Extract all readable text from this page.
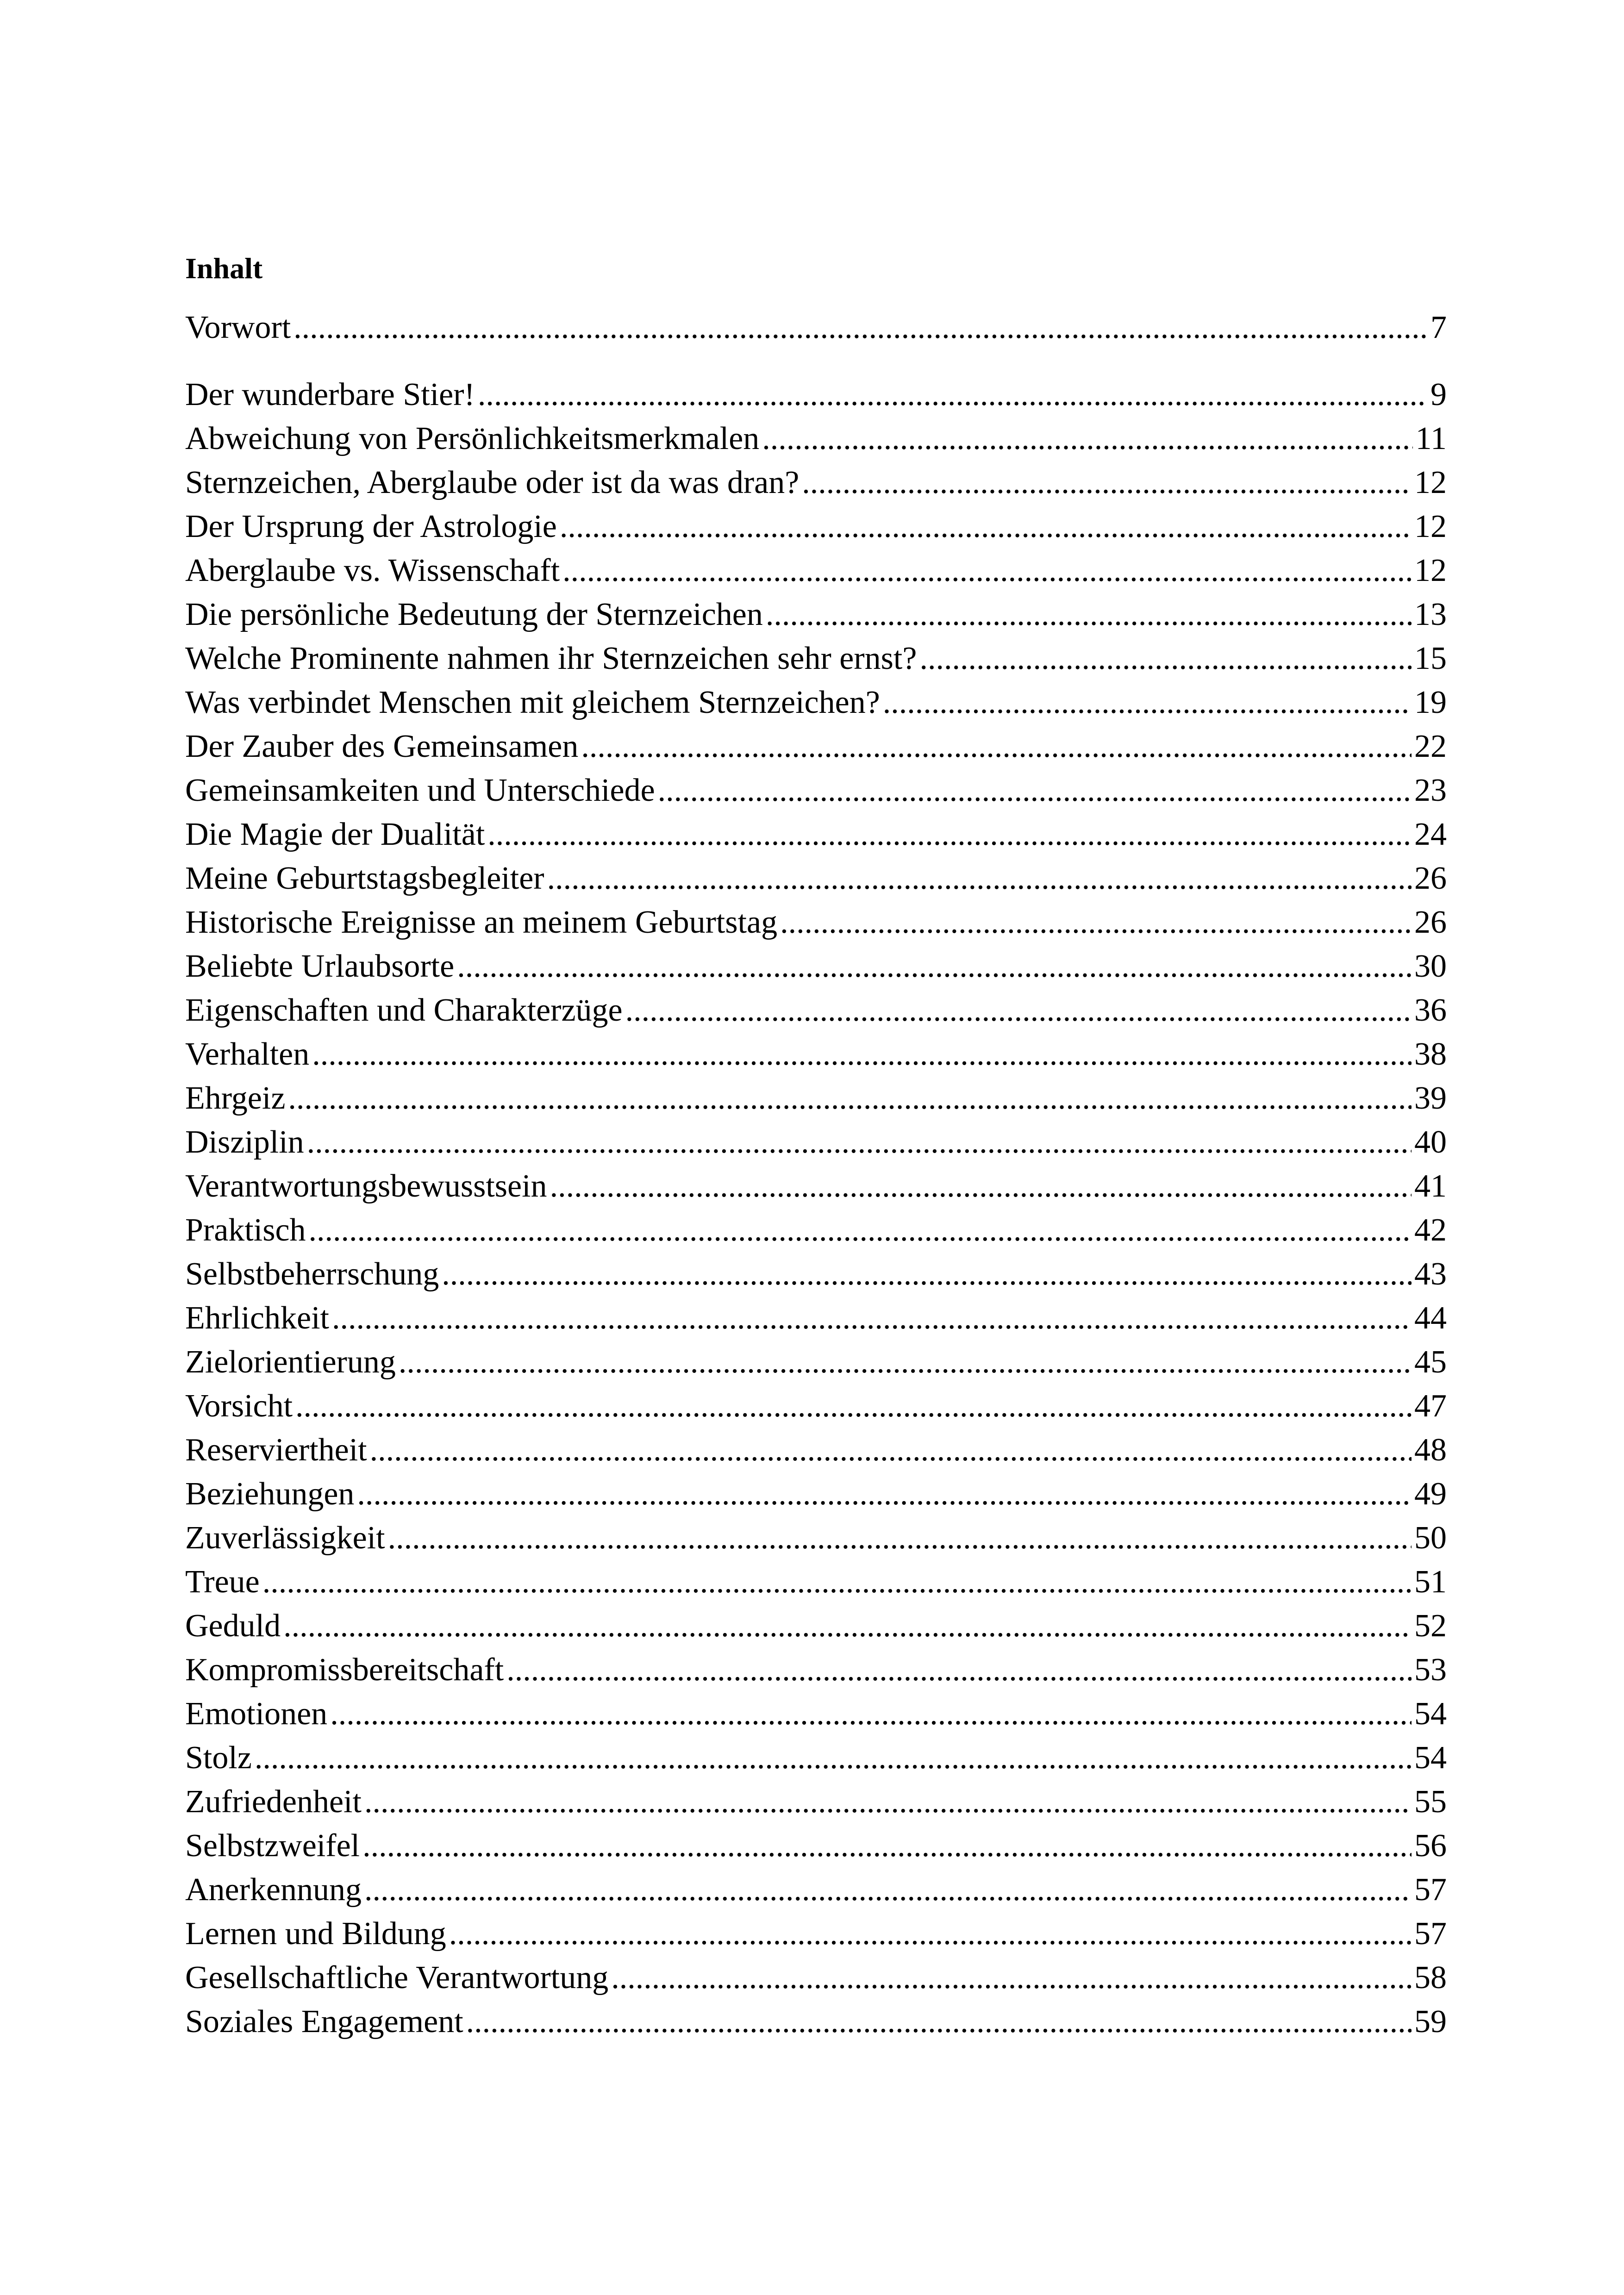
Inhalt
Vorwort .....	7
Der wunderbare Stier! .....	9
Abweichung von Persönlichkeitsmerkmalen .....	11
Sternzeichen, Aberglaube oder ist da was dran? .....	12
Der Ursprung der Astrologie .....	12
Aberglaube vs. Wissenschaft .....	12
Die persönliche Bedeutung der Sternzeichen .....	13
Welche Prominente nahmen ihr Sternzeichen sehr ernst? .....	15
Was verbindet Menschen mit gleichem Sternzeichen? .....	19
Der Zauber des Gemeinsamen .....	22
Gemeinsamkeiten und Unterschiede .....	23
Die Magie der Dualität .....	24
Meine Geburtstagsbegleiter .....	26
Historische Ereignisse an meinem Geburtstag .....	26
Beliebte Urlaubsorte .....	30
Eigenschaften und Charakterzüge .....	36
Verhalten .....	38
Ehrgeiz .....	39
Disziplin .....	40
Verantwortungsbewusstsein .....	41
Praktisch .....	42
Selbstbeherrschung .....	43
Ehrlichkeit .....	44
Zielorientierung .....	45
Vorsicht .....	47
Reserviertheit .....	48
Beziehungen .....	49
Zuverlässigkeit .....	50
Treue .....	51
Geduld .....	52
Kompromissbereitschaft .....	53
Emotionen .....	54
Stolz .....	54
Zufriedenheit .....	55
Selbstzweifel .....	56
Anerkennung .....	57
Lernen und Bildung .....	57
Gesellschaftliche Verantwortung .....	58
Soziales Engagement .....	59
